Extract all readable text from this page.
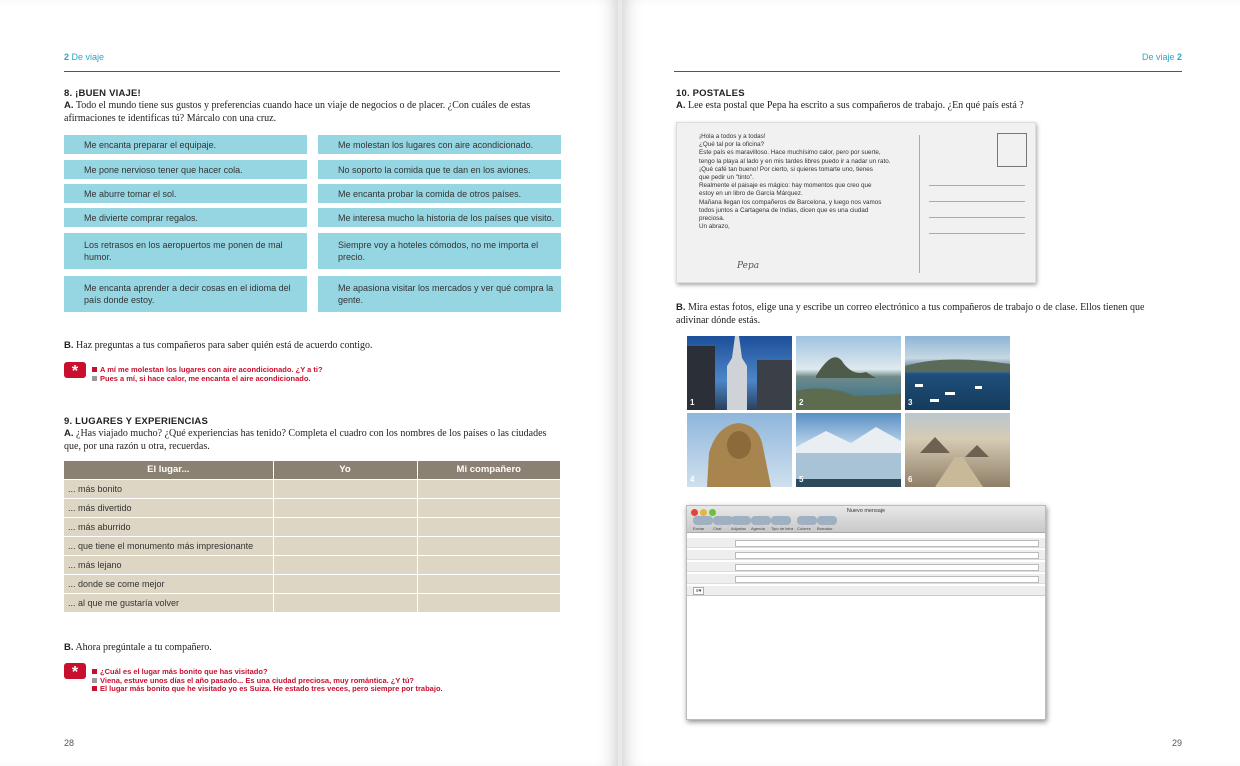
2 De viaje
8. ¡BUEN VIAJE!
A. Todo el mundo tiene sus gustos y preferencias cuando hace un viaje de negocios o de placer. ¿Con cuáles de estas afirmaciones te identificas tú? Márcalo con una cruz.
Me encanta preparar el equipaje.
Me pone nervioso tener que hacer cola.
Me aburre tomar el sol.
Me divierte comprar regalos.
Los retrasos en los aeropuertos me ponen de mal humor.
Me encanta aprender a decir cosas en el idioma del país donde estoy.
Me molestan los lugares con aire acondicionado.
No soporto la comida que te dan en los aviones.
Me encanta probar la comida de otros países.
Me interesa mucho la historia de los países que visito.
Siempre voy a hoteles cómodos, no me importa el precio.
Me apasiona visitar los mercados y ver qué compra la gente.
B. Haz preguntas a tus compañeros para saber quién está de acuerdo contigo.
*	A mí me molestan los lugares con aire acondicionado. ¿Y a ti?
Pues a mí, si hace calor, me encanta el aire acondicionado.
9. LUGARES Y EXPERIENCIAS
A. ¿Has viajado mucho? ¿Qué experiencias has tenido? Completa el cuadro con los nombres de los países o las ciudades que, por una razón u otra, recuerdas.
El lugar...	Yo	Mi compañero
... más bonito		
... más divertido		
... más aburrido		
... que tiene el monumento más impresionante		
... más lejano		
... donde se come mejor		
... al que me gustaría volver		
B. Ahora pregúntale a tu compañero.
*	¿Cuál es el lugar más bonito que has visitado?
Viena, estuve unos días el año pasado... Es una ciudad preciosa, muy romántica. ¿Y tú?
El lugar más bonito que he visitado yo es Suiza. He estado tres veces, pero siempre por trabajo.
28
De viaje 2
10. POSTALES
A. Lee esta postal que Pepa ha escrito a sus compañeros de trabajo. ¿En qué país está ?
¡Hola a todos y a todas!
¿Qué tal por la oficina?
Este país es maravilloso. Hace muchísimo calor, pero por suerte,
tengo la playa al lado y en mis tardes libres puedo ir a nadar un rato.
¡Qué café tan bueno! Por cierto, si quieres tomarte uno, tienes
que pedir un "tinto".
Realmente el paisaje es mágico: hay momentos que creo que
estoy en un libro de García Márquez.
Mañana llegan los compañeros de Barcelona, y luego nos vamos
todos juntos a Cartagena de Indias, dicen que es una ciudad
preciosa.
Un abrazo,
Pepa
B. Mira estas fotos, elige una y escribe un correo electrónico a tus compañeros de trabajo o de clase. Ellos tienen que adivinar dónde estás.
1	2	3
4	5	6
Nuevo mensaje
Enviar Chat Adjuntar Agenda Tipo de letra Colores Borrador
≡▾
29
